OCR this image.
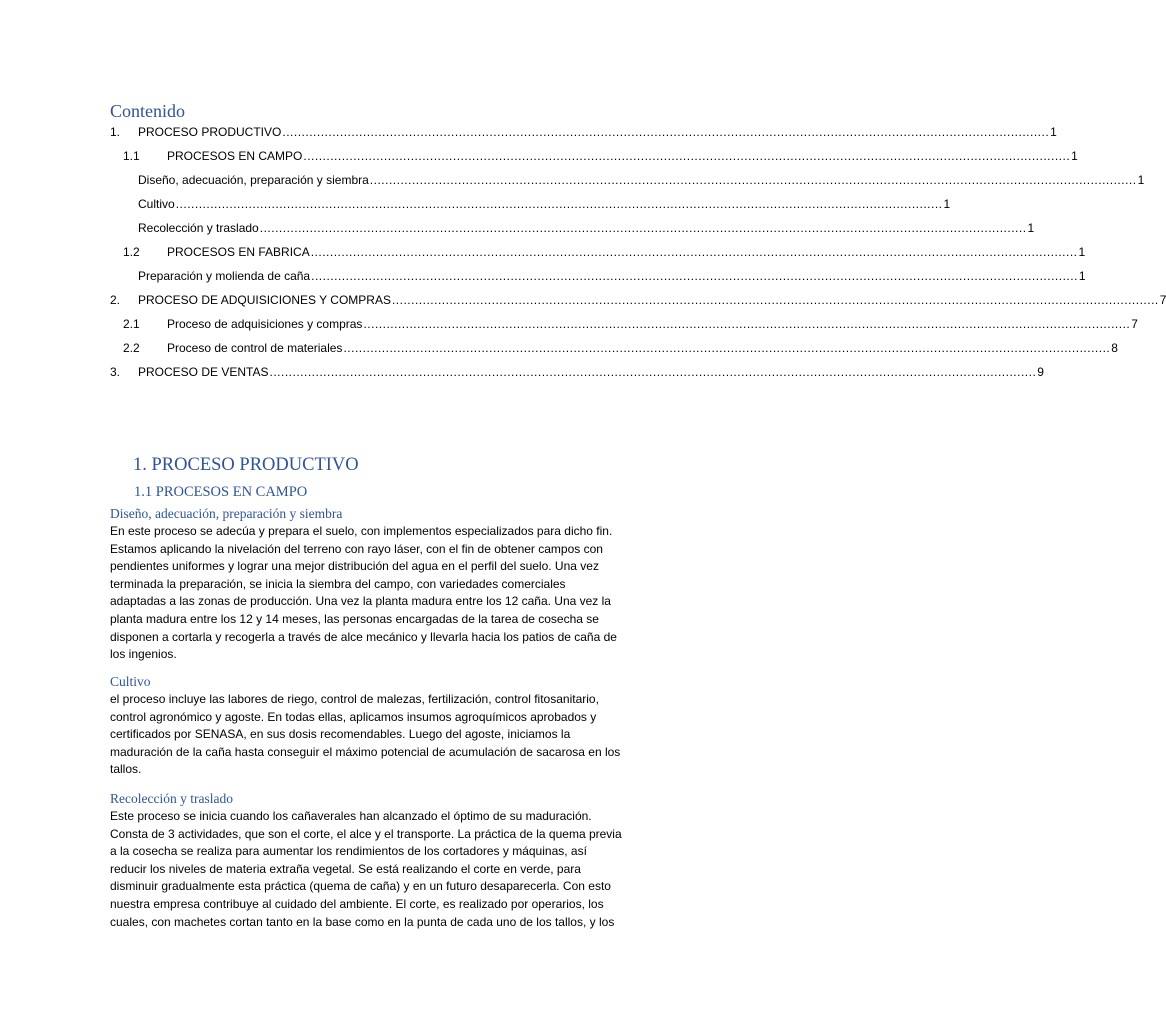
Contenido
1.	PROCESO PRODUCTIVO ........................................................................................................................................................................................................ 1
1.1	PROCESOS EN CAMPO ........................................................................................................................................................................................................ 1
Diseño, adecuación, preparación y siembra ........................................................................................................................................................................................................ 1
Cultivo ........................................................................................................................................................................................................ 1
Recolección y traslado ........................................................................................................................................................................................................ 1
1.2	PROCESOS EN FABRICA ........................................................................................................................................................................................................ 1
Preparación y molienda de caña ........................................................................................................................................................................................................ 1
2.	PROCESO DE ADQUISICIONES Y COMPRAS ........................................................................................................................................................................................................ 7
2.1	Proceso de adquisiciones y compras ........................................................................................................................................................................................................ 7
2.2	Proceso de control de materiales ........................................................................................................................................................................................................ 8
3.	PROCESO DE VENTAS ........................................................................................................................................................................................................ 9
1. PROCESO PRODUCTIVO
1.1 PROCESOS EN CAMPO
Diseño, adecuación, preparación y siembra
En este proceso se adecúa y prepara el suelo, con implementos especializados para dicho fin.
Estamos aplicando la nivelación del terreno con rayo láser, con el fin de obtener campos con
pendientes uniformes y lograr una mejor distribución del agua en el perfil del suelo. Una vez
terminada la preparación, se inicia la siembra del campo, con variedades comerciales
adaptadas a las zonas de producción. Una vez la planta madura entre los 12 caña. Una vez la
planta madura entre los 12 y 14 meses, las personas encargadas de la tarea de cosecha se
disponen a cortarla y recogerla a través de alce mecánico y llevarla hacia los patios de caña de
los ingenios.
Cultivo
el proceso incluye las labores de riego, control de malezas, fertilización, control fitosanitario,
control agronómico y agoste. En todas ellas, aplicamos insumos agroquímicos aprobados y
certificados por SENASA, en sus dosis recomendables. Luego del agoste, iniciamos la
maduración de la caña hasta conseguir el máximo potencial de acumulación de sacarosa en los
tallos.
Recolección y traslado
Este proceso se inicia cuando los cañaverales han alcanzado el óptimo de su maduración.
Consta de 3 actividades, que son el corte, el alce y el transporte. La práctica de la quema previa
a la cosecha se realiza para aumentar los rendimientos de los cortadores y máquinas, así
reducir los niveles de materia extraña vegetal. Se está realizando el corte en verde, para
disminuir gradualmente esta práctica (quema de caña) y en un futuro desaparecerla. Con esto
nuestra empresa contribuye al cuidado del ambiente. El corte, es realizado por operarios, los
cuales, con machetes cortan tanto en la base como en la punta de cada uno de los tallos, y los
